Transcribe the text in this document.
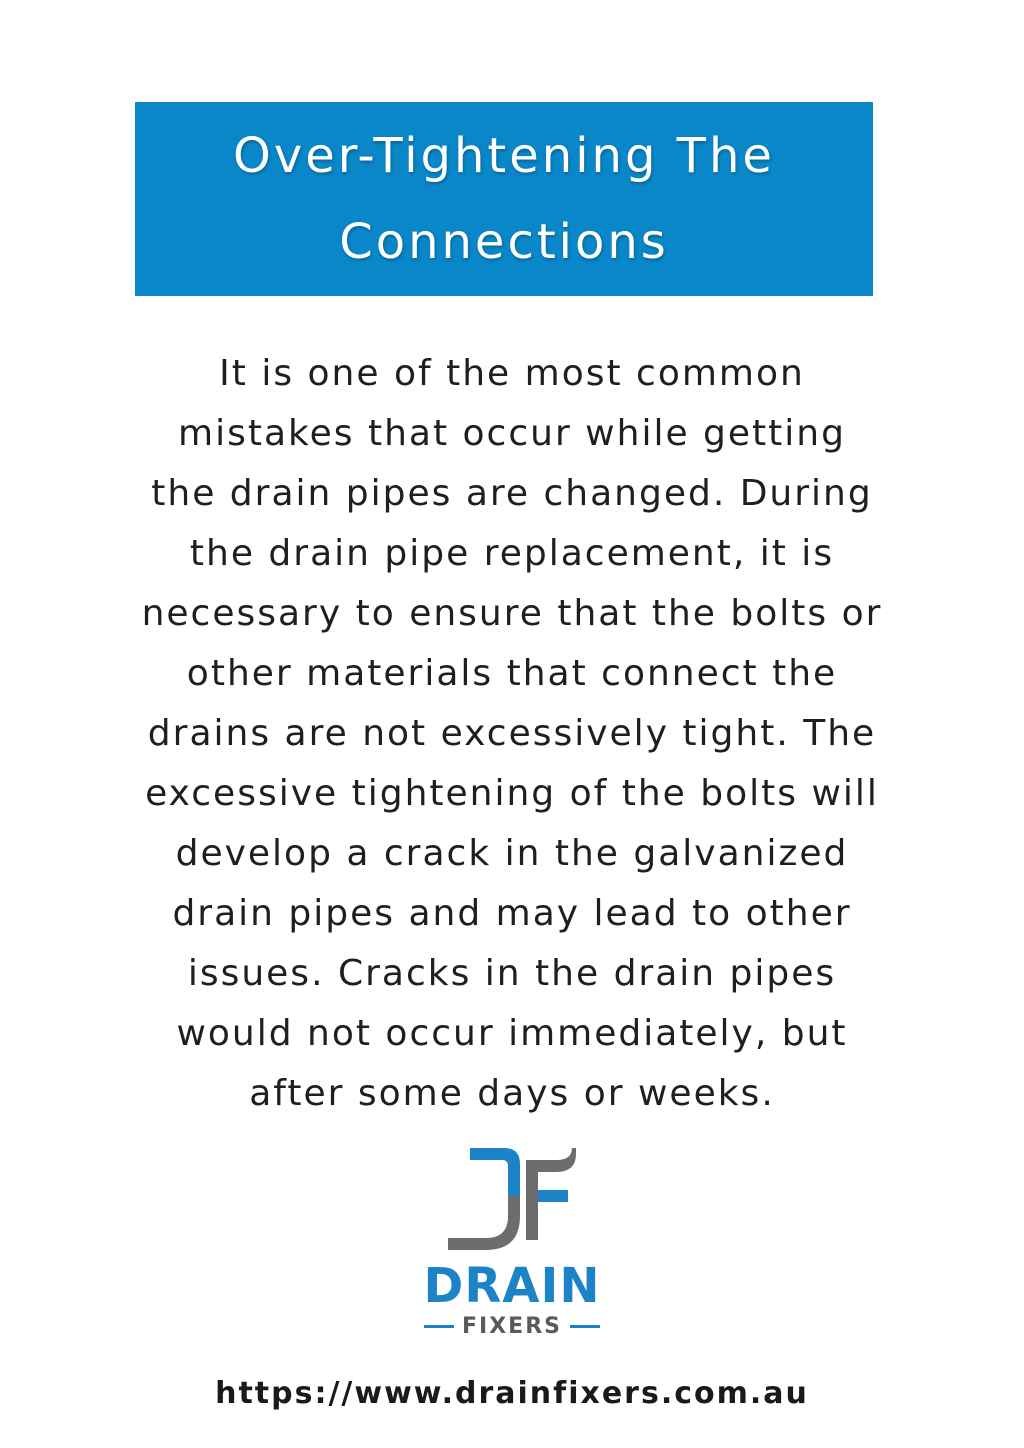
Over-Tightening The
Connections
It is one of the most common
mistakes that occur while getting
the drain pipes are changed. During
the drain pipe replacement, it is
necessary to ensure that the bolts or
other materials that connect the
drains are not excessively tight. The
excessive tightening of the bolts will
develop a crack in the galvanized
drain pipes and may lead to other
issues. Cracks in the drain pipes
would not occur immediately, but
after some days or weeks.
DRAIN
FIXERS
https://www.drainfixers.com.au
